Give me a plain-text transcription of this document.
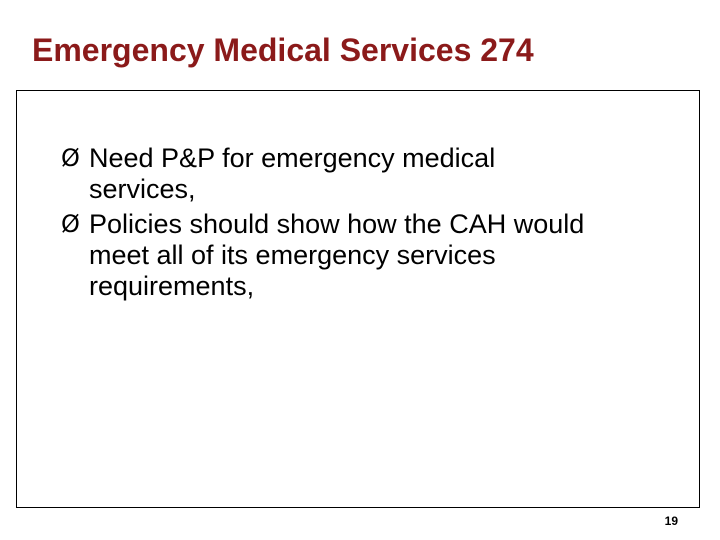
Emergency Medical Services 274
Ø Need P&P for emergency medical services,
Ø Policies should show how the CAH would meet all of its emergency services requirements,
19
